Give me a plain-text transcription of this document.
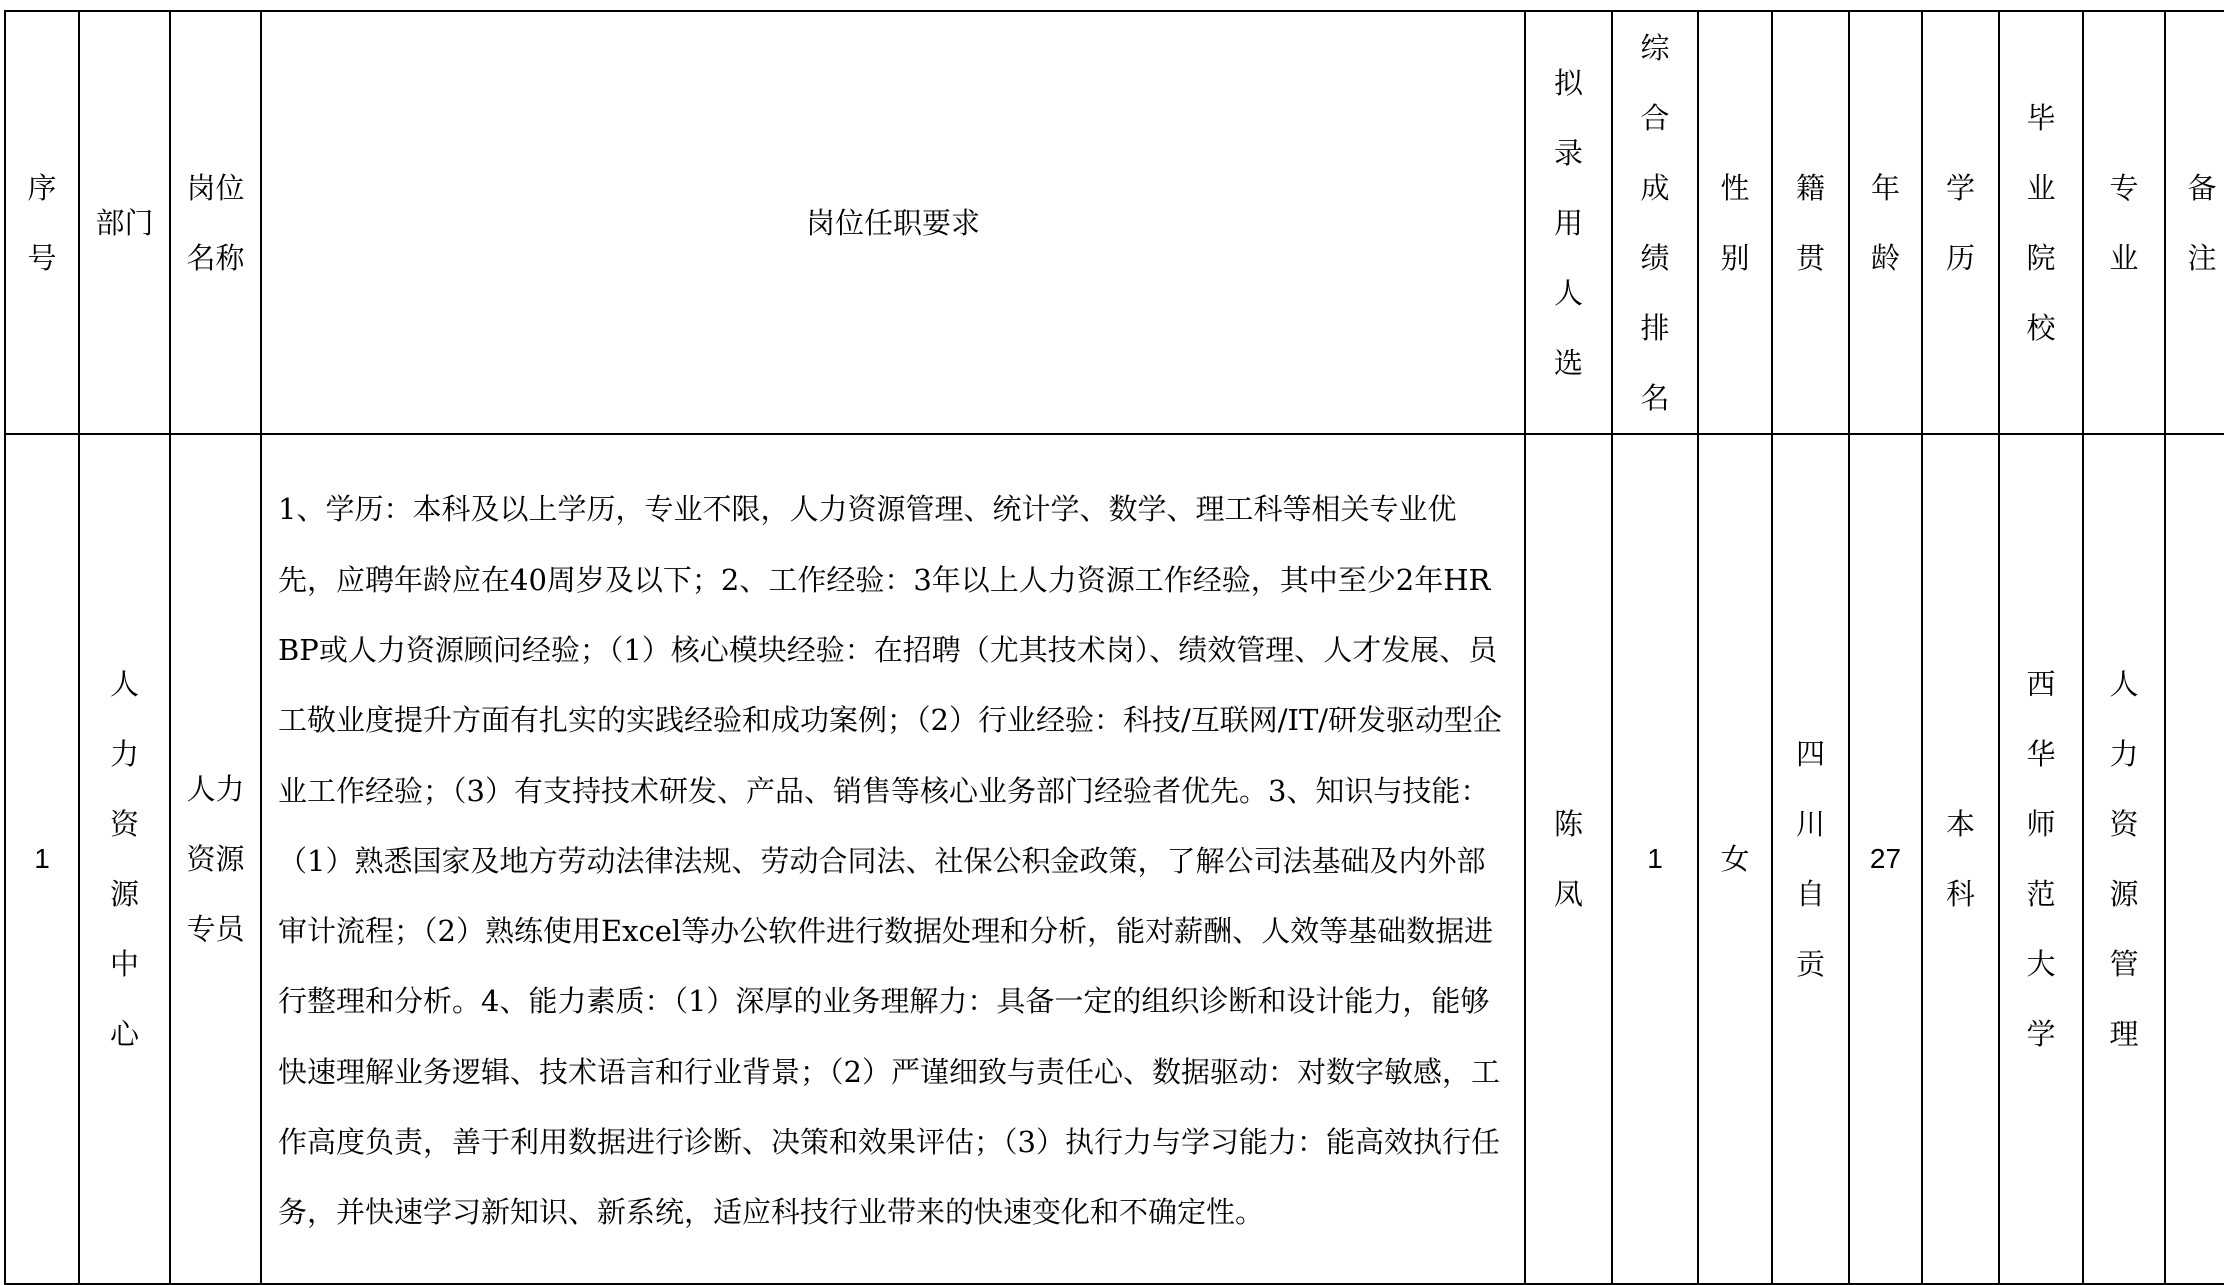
序号	部门	岗位名称	岗位任职要求	拟录用人选	综合成绩排名	性别	籍贯	年龄	学历	毕业院校	专业	备注
1	人力资源中心	人力资源专员	1、学历：本科及以上学历，专业不限，人力资源管理、统计学、数学、理工科等相关专业优先，应聘年龄应在40周岁及以下；2、工作经验：3年以上人力资源工作经验，其中至少2年HRBP或人力资源顾问经验；（1）核心模块经验：在招聘（尤其技术岗）、绩效管理、人才发展、员工敬业度提升方面有扎实的实践经验和成功案例；（2）行业经验：科技/互联网/IT/研发驱动型企业工作经验；（3）有支持技术研发、产品、销售等核心业务部门经验者优先。3、知识与技能：（1）熟悉国家及地方劳动法律法规、劳动合同法、社保公积金政策，了解公司法基础及内外部审计流程；（2）熟练使用Excel等办公软件进行数据处理和分析，能对薪酬、人效等基础数据进行整理和分析。4、能力素质：（1）深厚的业务理解力：具备一定的组织诊断和设计能力，能够快速理解业务逻辑、技术语言和行业背景；（2）严谨细致与责任心、数据驱动：对数字敏感，工作高度负责，善于利用数据进行诊断、决策和效果评估；（3）执行力与学习能力：能高效执行任务，并快速学习新知识、新系统，适应科技行业带来的快速变化和不确定性。	陈凤	1	女	四川自贡	27	本科	西华师范大学	人力资源管理	
